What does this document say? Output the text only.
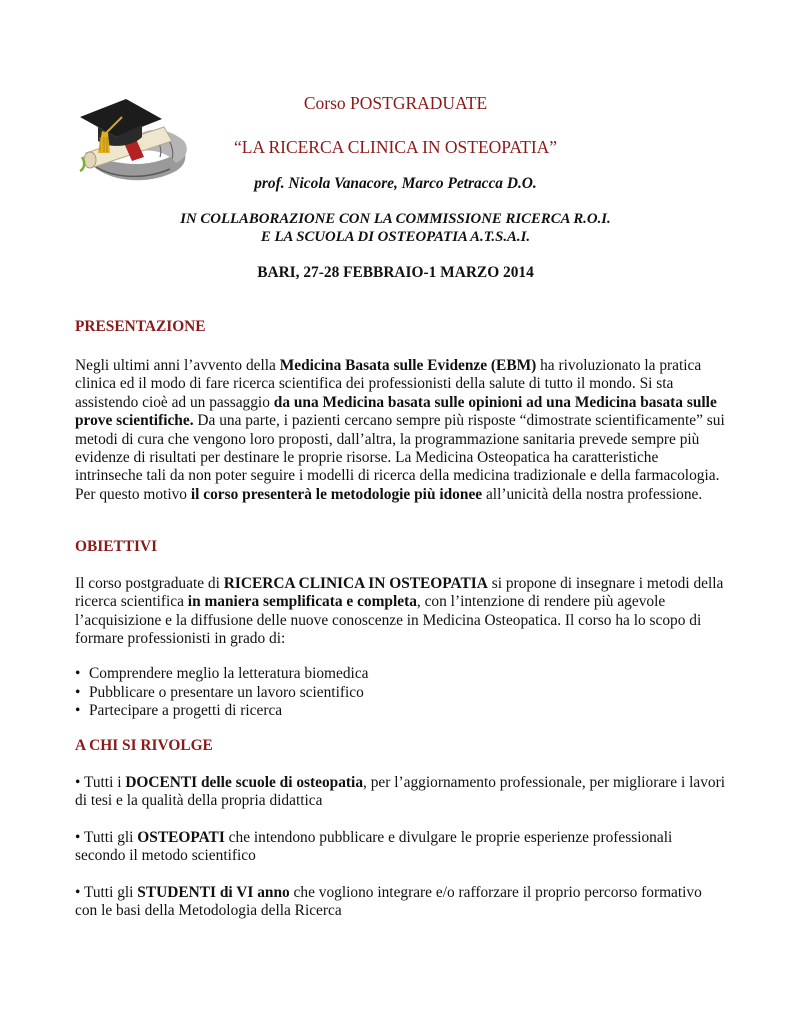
Corso POSTGRADUATE
“LA RICERCA CLINICA IN OSTEOPATIA”
prof. Nicola Vanacore, Marco Petracca D.O.
IN COLLABORAZIONE CON LA COMMISSIONE RICERCA R.O.I.
E LA SCUOLA DI OSTEOPATIA A.T.S.A.I.
BARI, 27-28 FEBBRAIO-1 MARZO 2014
PRESENTAZIONE
Negli ultimi anni l’avvento della Medicina Basata sulle Evidenze (EBM) ha rivoluzionato la pratica clinica ed il modo di fare ricerca scientifica dei professionisti della salute di tutto il mondo. Si sta assistendo cioè ad un passaggio da una Medicina basata sulle opinioni ad una Medicina basata sulle prove scientifiche. Da una parte, i pazienti cercano sempre più risposte “dimostrate scientificamente” sui metodi di cura che vengono loro proposti, dall’altra, la programmazione sanitaria prevede sempre più evidenze di risultati per destinare le proprie risorse. La Medicina Osteopatica ha caratteristiche intrinseche tali da non poter seguire i modelli di ricerca della medicina tradizionale e della farmacologia. Per questo motivo il corso presenterà le metodologie più idonee all’unicità della nostra professione.
OBIETTIVI
Il corso postgraduate di RICERCA CLINICA IN OSTEOPATIA si propone di insegnare i metodi della ricerca scientifica in maniera semplificata e completa, con l’intenzione di rendere più agevole l’acquisizione e la diffusione delle nuove conoscenze in Medicina Osteopatica. Il corso ha lo scopo di formare professionisti in grado di:
• Comprendere meglio la letteratura biomedica
• Pubblicare o presentare un lavoro scientifico
• Partecipare a progetti di ricerca
A CHI SI RIVOLGE
• Tutti i DOCENTI delle scuole di osteopatia, per l’aggiornamento professionale, per migliorare i lavori di tesi e la qualità della propria didattica
• Tutti gli OSTEOPATI che intendono pubblicare e divulgare le proprie esperienze professionali secondo il metodo scientifico
• Tutti gli STUDENTI di VI anno che vogliono integrare e/o rafforzare il proprio percorso formativo con le basi della Metodologia della Ricerca
